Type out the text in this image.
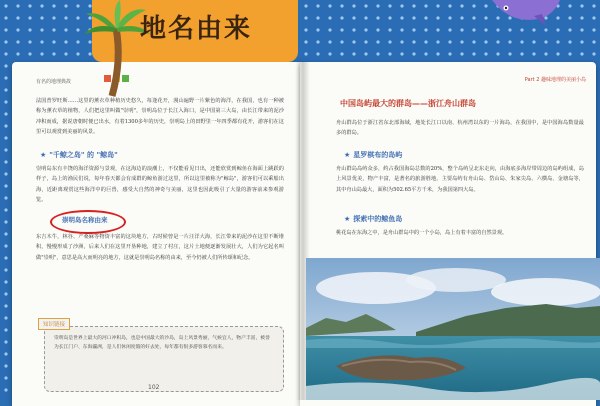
有名的地理典故
法国普罗旺斯……这里的薰衣草种植历史悠久，每逢花开，漫山遍野一片紫色的海洋，在我国，也有一种被称为薰衣草的植物，人们把这里叫做"崇明"，崇明岛位于长江入海口，是中国第三大岛，由长江带来的泥沙冲积而成，据说唐朝时便已出水，有着1300多年的历史，崇明岛上的田野里一年四季都有花开，游客们在这里可以观赏到美丽的风景。
★ "千鲸之岛" 的 "鲸岛"
崇明岛东有丰饶的海洋资源与景观，在这海边的浪潮上，不仅能看见日出，还能欣赏到鲸鱼在海面上跳跃的样子，岛上的渔民们说，每年春天都会有成群的鲸鱼游过这里，所以这里被称为"鲸岛"，游客们可以乘船出海，近距离观赏这些海洋中的巨兽，感受大自然的神奇与美丽，这里也因此吸引了大量的游客前来参观游览。
崇明岛名称由来
东吉木牛，林谷、产桑麻等物资丰富的这块地方，古时候曾是一片汪洋大海，长江带来的泥沙在这里不断堆积，慢慢形成了沙洲，后来人们在这里开垦种地，建立了村庄，这片土地便逐渐发展壮大，人们为它起名叫做"崇明"，意思是高大而明亮的地方，这就是崇明岛名称的由来，至今仍被人们所传颂和纪念。
知识链接
崇明岛是世界上最大的河口冲积岛，也是中国最大的沙岛，岛上风景秀丽，气候宜人，物产丰富，被誉为长江门户、东海瀛洲，是人们休闲度假的好去处，每年都有很多游客慕名而来。
102
Part 2 趣味地理的美丽小岛
中国岛屿最大的群岛——浙江舟山群岛
舟山群岛位于浙江省东北部海域，地处长江口以南、杭州湾以东的一片海岛，在我国中，是中国海岛数量最多的群岛。
★ 星罗棋布的岛屿
舟山群岛岛屿众多，约占我国海岛总数的20%，整个岛屿呈北东走向，由海底多海岸带周边的岛屿组成，岛上风景优美，物产丰富，是著名的旅游胜地，主要岛屿有舟山岛、岱山岛、朱家尖岛、六横岛、金塘岛等，其中舟山岛最大，面积为502.65平方千米，为我国第四大岛。
★ 探索中的鲸鱼岛
桃花岛在东海之中，是舟山群岛中的一个小岛，岛上有着丰富的自然景观。
地名由来
